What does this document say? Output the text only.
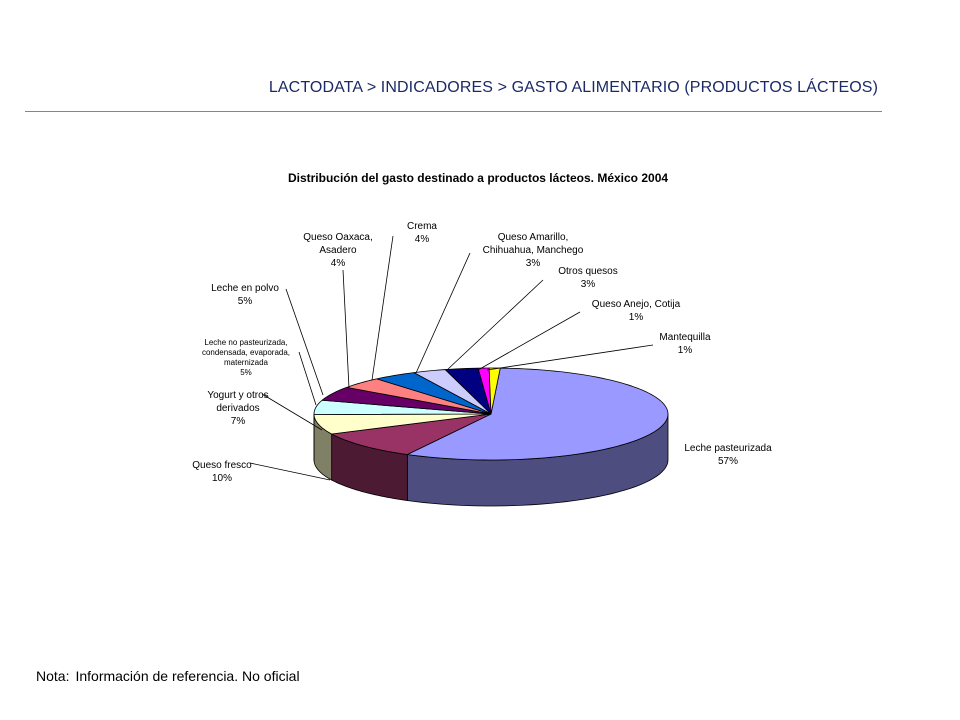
LACTODATA > INDICADORES > GASTO ALIMENTARIO (PRODUCTOS LÁCTEOS)
Distribución del gasto destinado a productos lácteos. México 2004
Leche pasteurizada
57%
Queso fresco
10%
Yogurt y otros
derivados
7%
Leche no pasteurizada,
condensada, evaporada,
maternizada
5%
Leche en polvo
5%
Queso Oaxaca,
Asadero
4%
Crema
4%	Queso Amarillo,
Chihuahua, Manchego
3%
Otros quesos
3%
Queso Anejo, Cotija
1%
Mantequilla
1%
Nota: Información de referencia. No oficial
